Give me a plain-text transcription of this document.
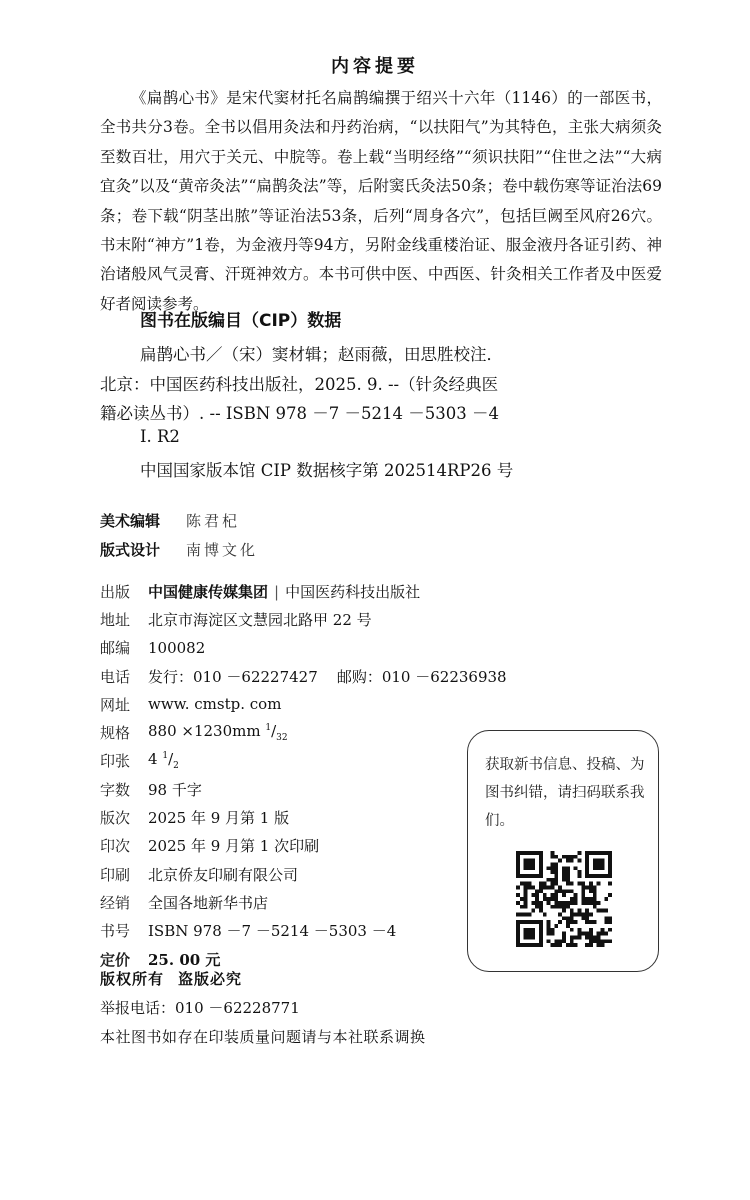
内容提要

《扁鹊心书》是宋代窦材托名扁鹊编撰于绍兴十六年（1146）的一部医书，全书共分3卷。全书以倡用灸法和丹药治病，“以扶阳气”为其特色，主张大病须灸至数百壮，用穴于关元、中脘等。卷上载“当明经络”“须识扶阳”“住世之法”“大病宜灸”以及“黄帝灸法”“扁鹊灸法”等，后附窦氏灸法50条；卷中载伤寒等证治法69条；卷下载“阴茎出脓”等证治法53条，后列“周身各穴”，包括巨阙至风府26穴。书末附“神方”1卷，为金液丹等94方，另附金线重楼治证、服金液丹各证引药、神治诸般风气灵膏、汗斑神效方。本书可供中医、中西医、针灸相关工作者及中医爱好者阅读参考。

图书在版编目（CIP）数据
扁鹊心书／（宋）窦材辑；赵雨薇，田思胜校注．
北京：中国医药科技出版社，2025. 9. --（针灸经典医
籍必读丛书）. -- ISBN 978 －7 －5214 －5303 －4
Ⅰ. R2
中国国家版本馆 CIP 数据核字第 202514RP26 号
美术编辑	陈君杞
版式设计	南博文化
出版	中国健康传媒集团 | 中国医药科技出版社
地址	北京市海淀区文慧园北路甲 22 号
邮编	100082
电话	发行：010 －62227427 邮购：010 －62236938
网址	www. cmstp. com
规格	880 ×1230mm $^1/_{32}$
印张	4 $^1/_2$
字数	98 千字
版次	2025 年 9 月第 1 版
印次	2025 年 9 月第 1 次印刷
印刷	北京侨友印刷有限公司
经销	全国各地新华书店
书号	ISBN 978 －7 －5214 －5303 －4
定价	25. 00 元
版权所有 盗版必究
举报电话：010 －62228771
本社图书如存在印装质量问题请与本社联系调换
获取新书信息、投稿、为图书纠错，请扫码联系我们。
